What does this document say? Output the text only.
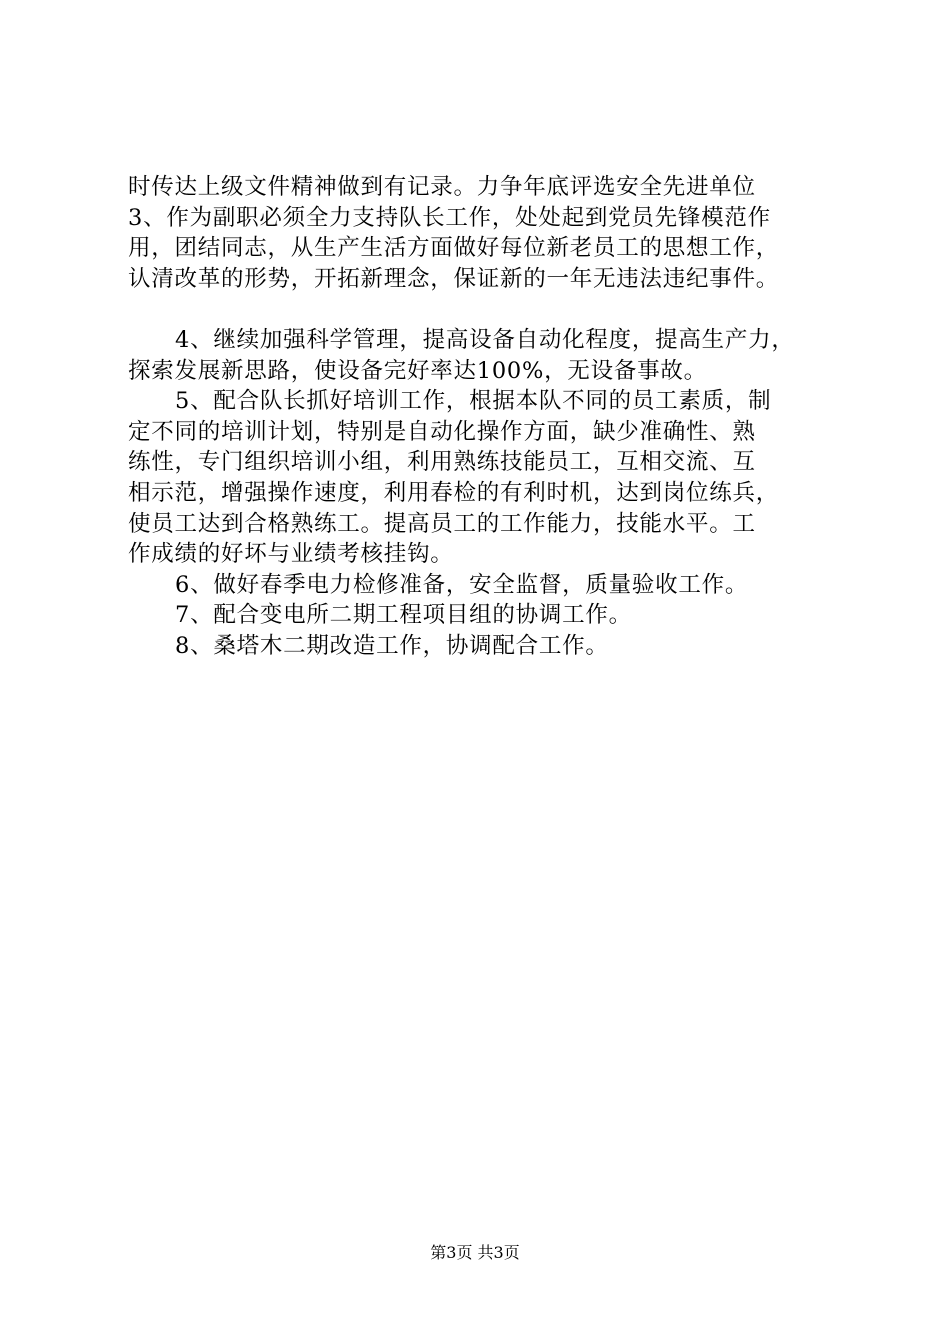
时传达上级文件精神做到有记录。力争年底评选安全先进单位
3、作为副职必须全力支持队长工作，处处起到党员先锋模范作
用，团结同志，从生产生活方面做好每位新老员工的思想工作，
认清改革的形势，开拓新理念，保证新的一年无违法违纪事件。
4、继续加强科学管理，提高设备自动化程度，提高生产力，
探索发展新思路，使设备完好率达100%，无设备事故。
5、配合队长抓好培训工作，根据本队不同的员工素质，制
定不同的培训计划，特别是自动化操作方面，缺少准确性、熟
练性，专门组织培训小组，利用熟练技能员工，互相交流、互
相示范，增强操作速度，利用春检的有利时机，达到岗位练兵，
使员工达到合格熟练工。提高员工的工作能力，技能水平。工
作成绩的好坏与业绩考核挂钩。
6、做好春季电力检修准备，安全监督，质量验收工作。
7、配合变电所二期工程项目组的协调工作。
8、桑塔木二期改造工作，协调配合工作。
第3页 共3页
